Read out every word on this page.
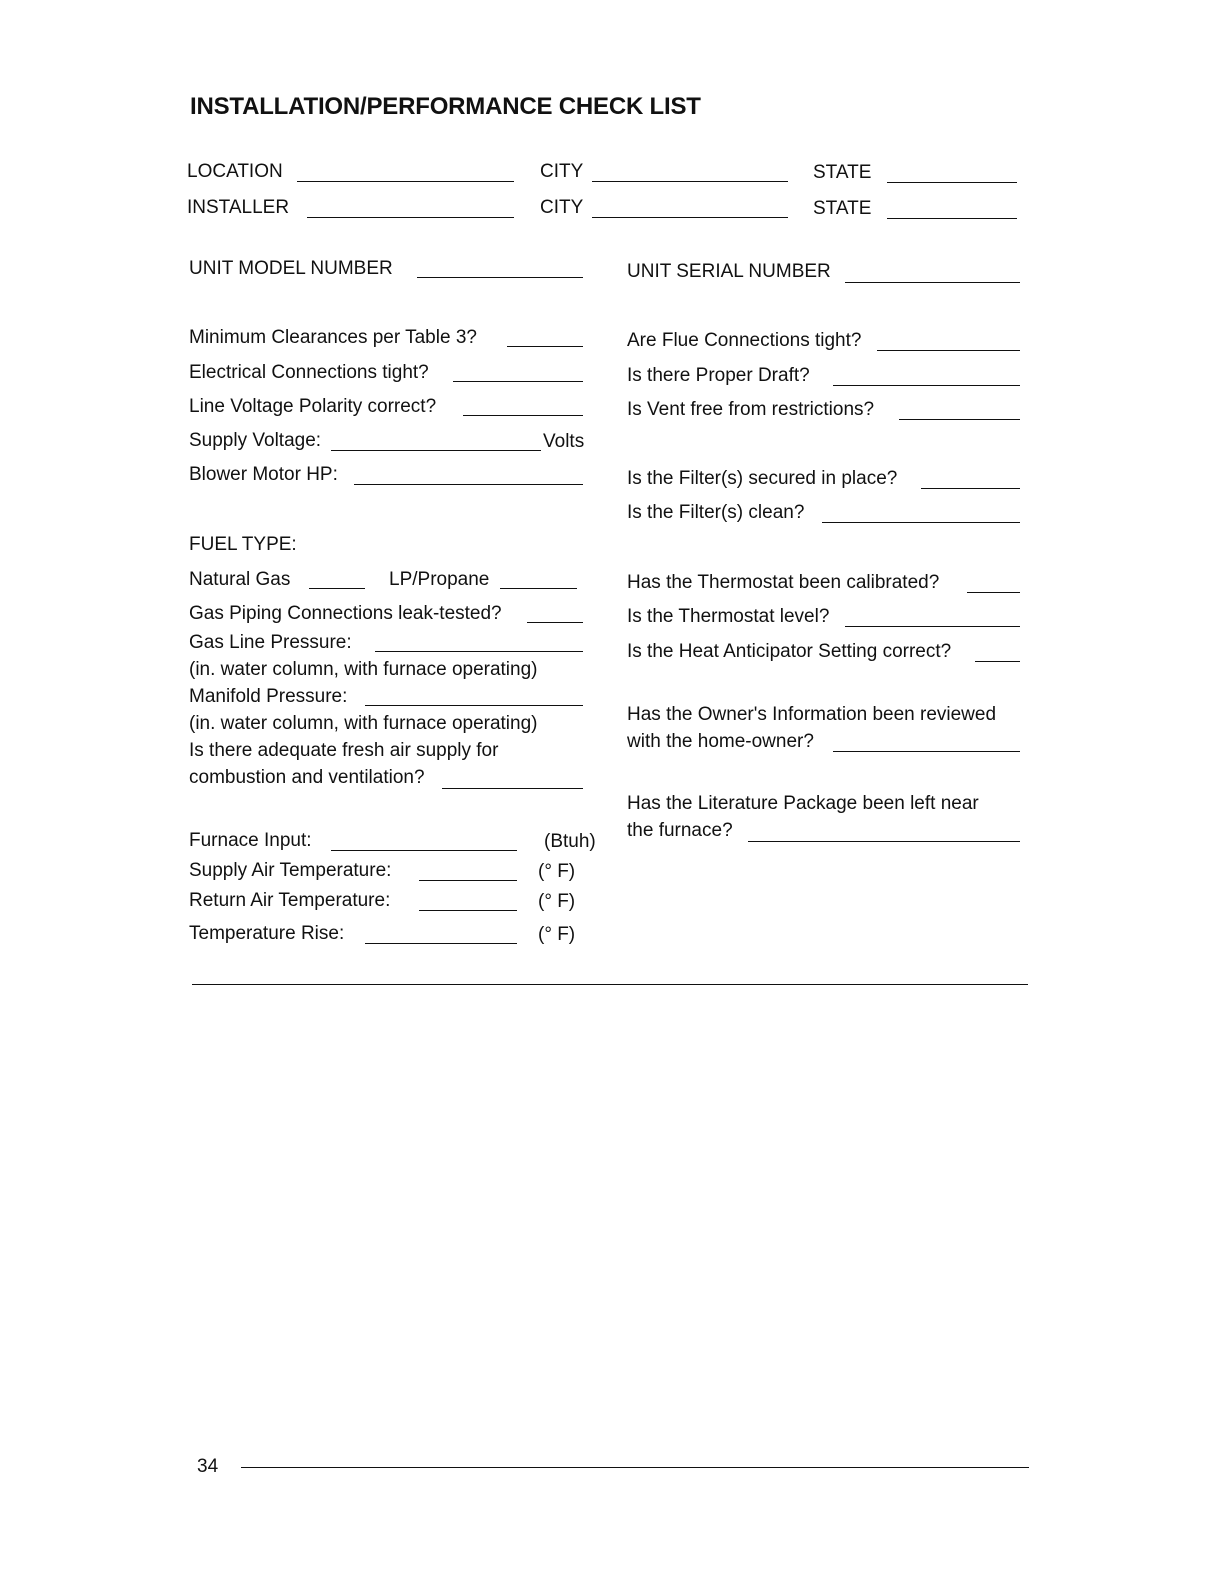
INSTALLATION/PERFORMANCE CHECK LIST
LOCATION	CITY	STATE
INSTALLER	CITY	STATE
UNIT MODEL NUMBER	UNIT SERIAL NUMBER
Minimum Clearances per Table 3?
Electrical Connections tight?
Line Voltage Polarity correct?
Supply Voltage:	Volts
Blower Motor HP:
FUEL TYPE:
Natural Gas	LP/Propane
Gas Piping Connections leak-tested?
Gas Line Pressure:
(in. water column, with furnace operating)
Manifold Pressure:
(in. water column, with furnace operating)
Is there adequate fresh air supply for
combustion and ventilation?
Furnace Input:	(Btuh)
Supply Air Temperature:	(° F)
Return Air Temperature:	(° F)
Temperature Rise:	(° F)
Are Flue Connections tight?
Is there Proper Draft?
Is Vent free from restrictions?
Is the Filter(s) secured in place?
Is the Filter(s) clean?
Has the Thermostat been calibrated?
Is the Thermostat level?
Is the Heat Anticipator Setting correct?
Has the Owner's Information been reviewed
with the home-owner?
Has the Literature Package been left near
the furnace?
34
